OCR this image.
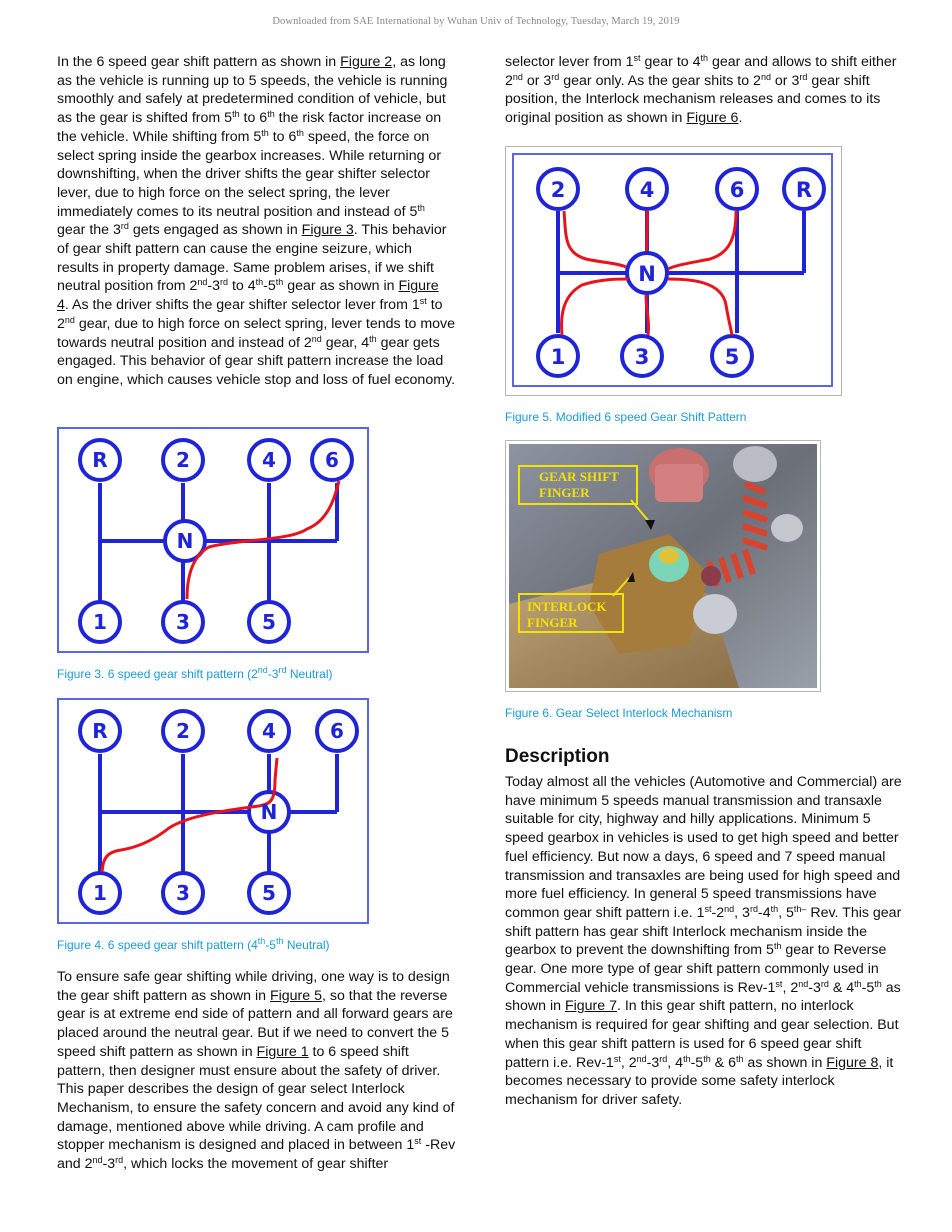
Downloaded from SAE International by Wuhan Univ of Technology, Tuesday, March 19, 2019

In the 6 speed gear shift pattern as shown in Figure 2, as long as the vehicle is running up to 5 speeds, the vehicle is running smoothly and safely at predetermined condition of vehicle, but as the gear is shifted from 5th to 6th the risk factor increase on the vehicle. While shifting from 5th to 6th speed, the force on select spring inside the gearbox increases. While returning or downshifting, when the driver shifts the gear shifter selector lever, due to high force on the select spring, the lever immediately comes to its neutral position and instead of 5th gear the 3rd gets engaged as shown in Figure 3. This behavior of gear shift pattern can cause the engine seizure, which results in property damage. Same problem arises, if we shift neutral position from 2nd-3rd to 4th-5th gear as shown in Figure
4. As the driver shifts the gear shifter selector lever from 1st to 2nd gear, due to high force on select spring, lever tends to move towards neutral position and instead of 2nd gear, 4th gear gets engaged. This behavior of gear shift pattern increase the load on engine, which causes vehicle stop and loss of fuel economy.

R	2	4 6
N
1	3	5

Figure 3. 6 speed gear shift pattern (2nd-3rd Neutral)

R	2	4	6
N
1	3	5

Figure 4. 6 speed gear shift pattern (4th-5th Neutral)

To ensure safe gear shifting while driving, one way is to design the gear shift pattern as shown in Figure 5, so that the reverse gear is at extreme end side of pattern and all forward gears are placed around the neutral gear. But if we need to convert the 5 speed shift pattern as shown in Figure 1 to 6 speed shift pattern, then designer must ensure about the safety of driver. This paper describes the design of gear select Interlock Mechanism, to ensure the safety concern and avoid any kind of damage, mentioned above while driving. A cam profile and stopper mechanism is designed and placed in between 1st -Rev and 2nd-3rd, which locks the movement of gear shifter

selector lever from 1st gear to 4th gear and allows to shift either 2nd or 3rd gear only. As the gear shits to 2nd or 3rd gear shift position, the Interlock mechanism releases and comes to its original position as shown in Figure 6.

2	4	6 R
N
1	3	5

Figure 5. Modified 6 speed Gear Shift Pattern

GEAR SHIFT
FINGER
INTERLOCK
FINGER

Figure 6. Gear Select Interlock Mechanism

Description

Today almost all the vehicles (Automotive and Commercial) are have minimum 5 speeds manual transmission and transaxle suitable for city, highway and hilly applications. Minimum 5 speed gearbox in vehicles is used to get high speed and better fuel efficiency. But now a days, 6 speed and 7 speed manual transmission and transaxles are being used for high speed and more fuel efficiency. In general 5 speed transmissions have common gear shift pattern i.e. 1st-2nd, 3rd-4th, $5^{th-}$ Rev. This gear shift pattern has gear shift Interlock mechanism inside the gearbox to prevent the downshifting from 5th gear to Reverse gear. One more type of gear shift pattern commonly used in Commercial vehicle transmissions is Rev-1st, 2nd-3rd & 4th-5th as shown in Figure 7. In this gear shift pattern, no interlock mechanism is required for gear shifting and gear selection. But when this gear shift pattern is used for 6 speed gear shift pattern i.e. Rev-1st, 2nd-3rd, 4th-5th & 6th as shown in Figure 8, it becomes necessary to provide some safety interlock mechanism for driver safety.
